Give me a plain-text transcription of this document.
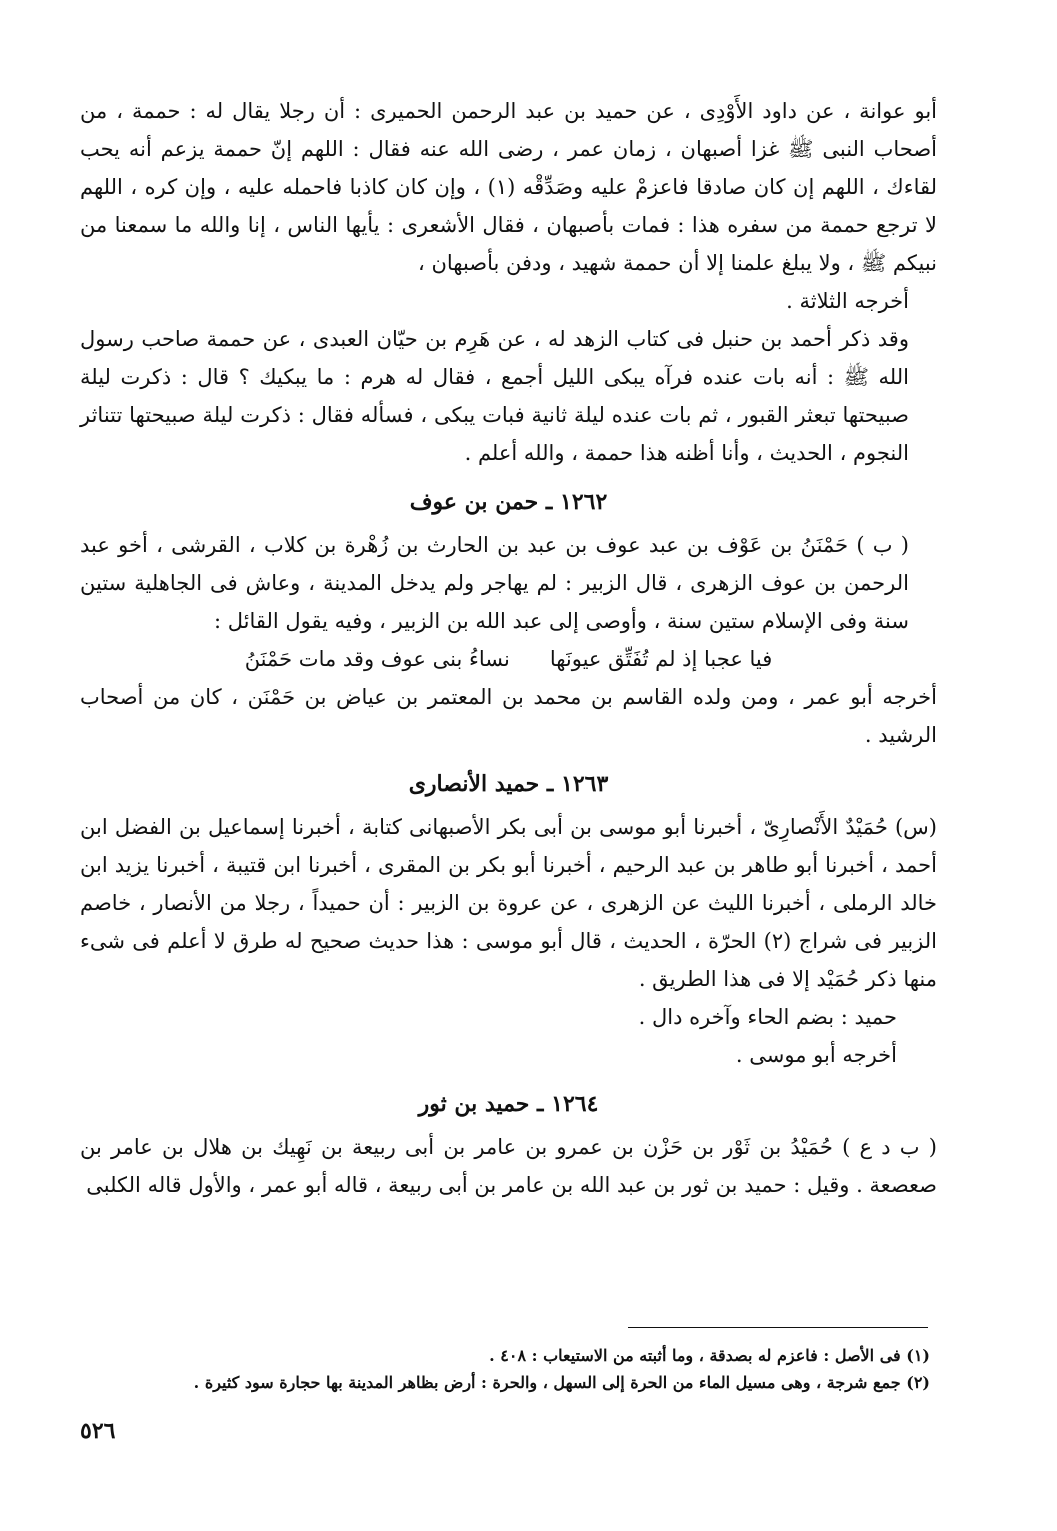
أبو عوانة ، عن داود الأَوْدِى ، عن حميد بن عبد الرحمن الحميرى : أن رجلا يقال له : حممة ، من أصحاب النبى ﷺ غزا أصبهان ، زمان عمر ، رضى الله عنه فقال : اللهم إنّ حممة يزعم أنه يحب لقاءك ، اللهم إن كان صادقا فاعزمْ عليه وصَدِّقْه (١) ، وإن كان كاذبا فاحمله عليه ، وإن كره ، اللهم لا ترجع حممة من سفره هذا : فمات بأصبهان ، فقال الأشعرى : يأيها الناس ، إنا والله ما سمعنا من نبيكم ﷺ ، ولا يبلغ علمنا إلا أن حممة شهيد ، ودفن بأصبهان ،

أخرجه الثلاثة .

وقد ذكر أحمد بن حنبل فى كتاب الزهد له ، عن هَرِم بن حيّان العبدى ، عن حممة صاحب رسول الله ﷺ : أنه بات عنده فرآه يبكى الليل أجمع ، فقال له هرم : ما يبكيك ؟ قال : ذكرت ليلة صبيحتها تبعثر القبور ، ثم بات عنده ليلة ثانية فبات يبكى ، فسأله فقال : ذكرت ليلة صبيحتها تتناثر النجوم ، الحديث ، وأنا أظنه هذا حممة ، والله أعلم .

١٢٦٢ ـ حمن بن عوف

( ب ) حَمْنَنُ بن عَوْف بن عبد عوف بن عبد بن الحارث بن زُهْرة بن كلاب ، القرشى ، أخو عبد الرحمن بن عوف الزهرى ، قال الزبير : لم يهاجر ولم يدخل المدينة ، وعاش فى الجاهلية ستين سنة وفى الإسلام ستين سنة ، وأوصى إلى عبد الله بن الزبير ، وفيه يقول القائل :

فيا عجبا إذ لم تُفَتِّق عيونَها
نساءُ بنى عوف وقد مات حَمْنَنُ

أخرجه أبو عمر ، ومن ولده القاسم بن محمد بن المعتمر بن عياض بن حَمْنَن ، كان من أصحاب الرشيد .

١٢٦٣ ـ حميد الأنصارى

(س) حُمَيْدٌ الأَنْصارِىّ ، أخبرنا أبو موسى بن أبى بكر الأصبهانى كتابة ، أخبرنا إسماعيل بن الفضل ابن أحمد ، أخبرنا أبو طاهر بن عبد الرحيم ، أخبرنا أبو بكر بن المقرى ، أخبرنا ابن قتيبة ، أخبرنا يزيد ابن خالد الرملى ، أخبرنا الليث عن الزهرى ، عن عروة بن الزبير : أن حميداً ، رجلا من الأنصار ، خاصم الزبير فى شراج (٢) الحرّة ، الحديث ، قال أبو موسى : هذا حديث صحيح له طرق لا أعلم فى شىء منها ذكر حُمَيْد إلا فى هذا الطريق .

حميد : بضم الحاء وآخره دال .

أخرجه أبو موسى .

١٢٦٤ ـ حميد بن ثور

( ب د ع ) حُمَيْدُ بن ثَوْر بن حَزْن بن عمرو بن عامر بن أبى ربيعة بن نَهِيك بن هلال بن عامر بن صعصعة . وقيل : حميد بن ثور بن عبد الله بن عامر بن أبى ربيعة ، قاله أبو عمر ، والأول قاله الكلبى

(١) فى الأصل : فاعزم له بصدقة ، وما أثبته من الاستيعاب : ٤٠٨ .
(٢) جمع شرجة ، وهى مسيل الماء من الحرة إلى السهل ، والحرة : أرض بظاهر المدينة بها حجارة سود كثيرة .
٥٢٦
